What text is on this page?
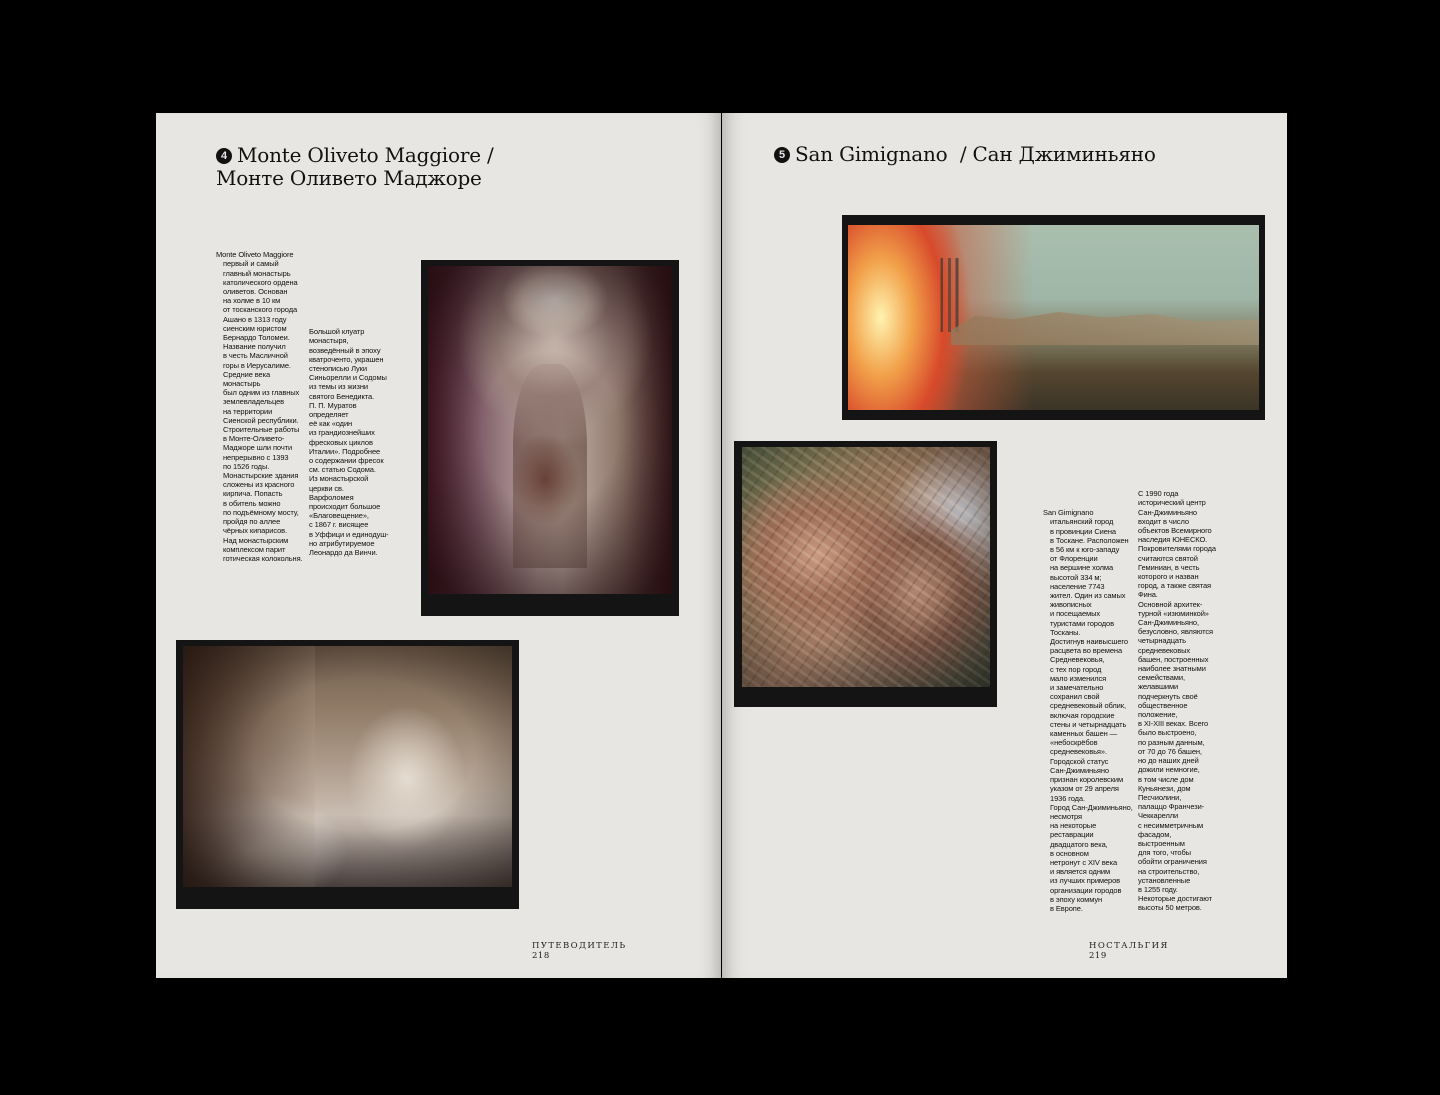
4 Monte Oliveto Maggiore /
Монте Оливето Маджоре

Monte Oliveto Maggiore
первый и самый
главный монастырь
католического ордена
оливетов. Основан
на холме в 10 км
от тосканского города
Ашано в 1313 году
сиенским юристом
Бернардо Толомеи.
Название получил
в честь Масличной
горы в Иерусалиме.
Средние века монастырь
был одним из главных
землевладельцев
на территории
Сиенской республики.
Строительные работы
в Монте-Оливето-
Маджоре шли почти
непрерывно с 1393
по 1526 годы.
Монастырские здания
сложены из красного
кирпича. Попасть
в обитель можно
по подъёмному мосту,
пройдя по аллее
чёрных кипарисов.
Над монастырским
комплексом парит
готическая колокольня.

Большой клуатр
монастыря,
возведённый в эпоху
кватроченто, украшен
стенописью Луки
Синьорелли и Содомы
из темы из жизни
святого Бенедикта.
П. П. Муратов
определяет
её как «один
из грандиознейших
фресковых циклов
Италии». Подробнее
о содержании фресок
см. статью Содома.
Из монастырской
церкви св.
Варфоломея
происходит большое
«Благовещение»,
с 1867 г. висящее
в Уффици и единодуш-
но атрибутируемое
Леонардо да Винчи.

ПУТЕВОДИТЕЛЬ
218
5 San Gimignano  / Сан Джиминьяно

San Gimignano
итальянский город
в провинции Сиена
в Тоскане. Расположен
в 56 км к юго-западу
от Флоренции
на вершине холма
высотой 334 м;
население 7743
жител. Один из самых
живописных
и посещаемых
туристами городов
Тосканы.
Достигнув наивысшего
расцвета во времена
Средневековья,
с тех пор город
мало изменился
и замечательно
сохранил свой
средневековый облик,
включая городские
стены и четырнадцать
каменных башен —
«небоскрёбов
средневековья».
Городской статус
Сан-Джиминьяно
признан королевским
указом от 29 апреля
1936 года.
Город Сан-Джиминьяно,
несмотря
на некоторые
реставрации
двадцатого века,
в основном
нетронут с XIV века
и является одним
из лучших примеров
организации городов
в эпоху коммун
в Европе.

С 1990 года
исторический центр
Сан-Джиминьяно
входит в число
объектов Всемирного
наследия ЮНЕСКО.
Покровителями города
считаются святой
Геминиан, в честь
которого и назван
город, а также святая
Фина.
Основной архитек-
турной «изюминкой»
Сан-Джиминьяно,
безусловно, являются
четырнадцать
средневековых
башен, построенных
наиболее знатными
семействами,
желавшими
подчеркнуть своё
общественное
положение,
в XI-XIII веках. Всего
было выстроено,
по разным данным,
от 70 до 76 башен,
но до наших дней
дожили немногие,
в том числе дом
Куньянези, дом
Песчиолини,
палаццо Франчези-
Чеккарелли
с несимметричным
фасадом,
выстроенным
для того, чтобы
обойти ограничения
на строительство,
установленные
в 1255 году.
Некоторые достигают
высоты 50 метров.

НОСТАЛЬГИЯ
219
